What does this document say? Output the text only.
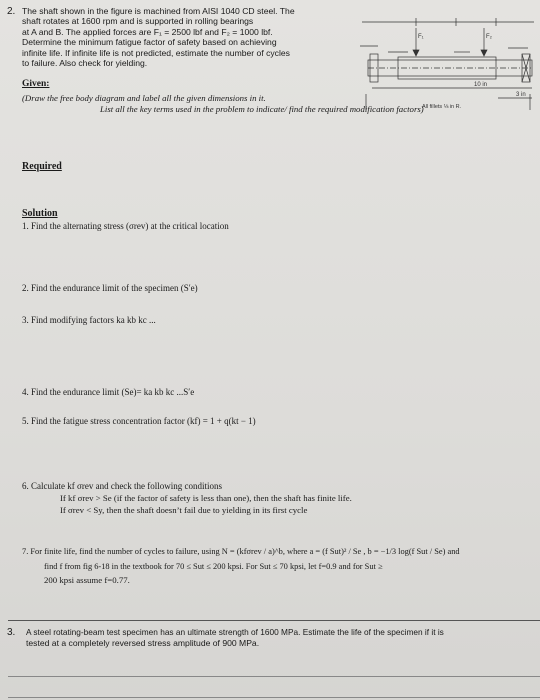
2. The shaft shown in the figure is machined from AISI 1040 CD steel. The
shaft rotates at 1600 rpm and is supported in rolling bearings
at A and B. The applied forces are F₁ = 2500 lbf and F₂ = 1000 lbf.
Determine the minimum fatigue factor of safety based on achieving
infinite life. If infinite life is not predicted, estimate the number of cycles
to failure. Also check for yielding.
F₁	F₂
10 in
3 in
All fillets ⅛ in R.
Given:
(Draw the free body diagram and label all the given dimensions in it.
List all the key terms used in the problem to indicate/ find the required modification factors)
Required
Solution
1. Find the alternating stress (σrev) at the critical location
2. Find the endurance limit of the specimen (S′e)
3. Find modifying factors ka kb kc ...
4. Find the endurance limit (Se)= ka kb kc ...S′e
5. Find the fatigue stress concentration factor (kf) = 1 + q(kt − 1)
6. Calculate kf σrev and check the following conditions
If kf σrev > Se (if the factor of safety is less than one), then the shaft has finite life.
If σrev < Sy, then the shaft doesn’t fail due to yielding in its first cycle
7. For finite life, find the number of cycles to failure, using N = (kfσrev / a)^b, where a = (f Sut)² / Se , b = −1/3 log(f Sut / Se) and
find f from fig 6-18 in the textbook for 70 ≤ Sut ≤ 200 kpsi. For Sut ≤ 70 kpsi, let f=0.9 and for Sut ≥
200 kpsi assume f=0.77.
3. A steel rotating-beam test specimen has an ultimate strength of 1600 MPa. Estimate the life of the specimen if it is
tested at a completely reversed stress amplitude of 900 MPa.
